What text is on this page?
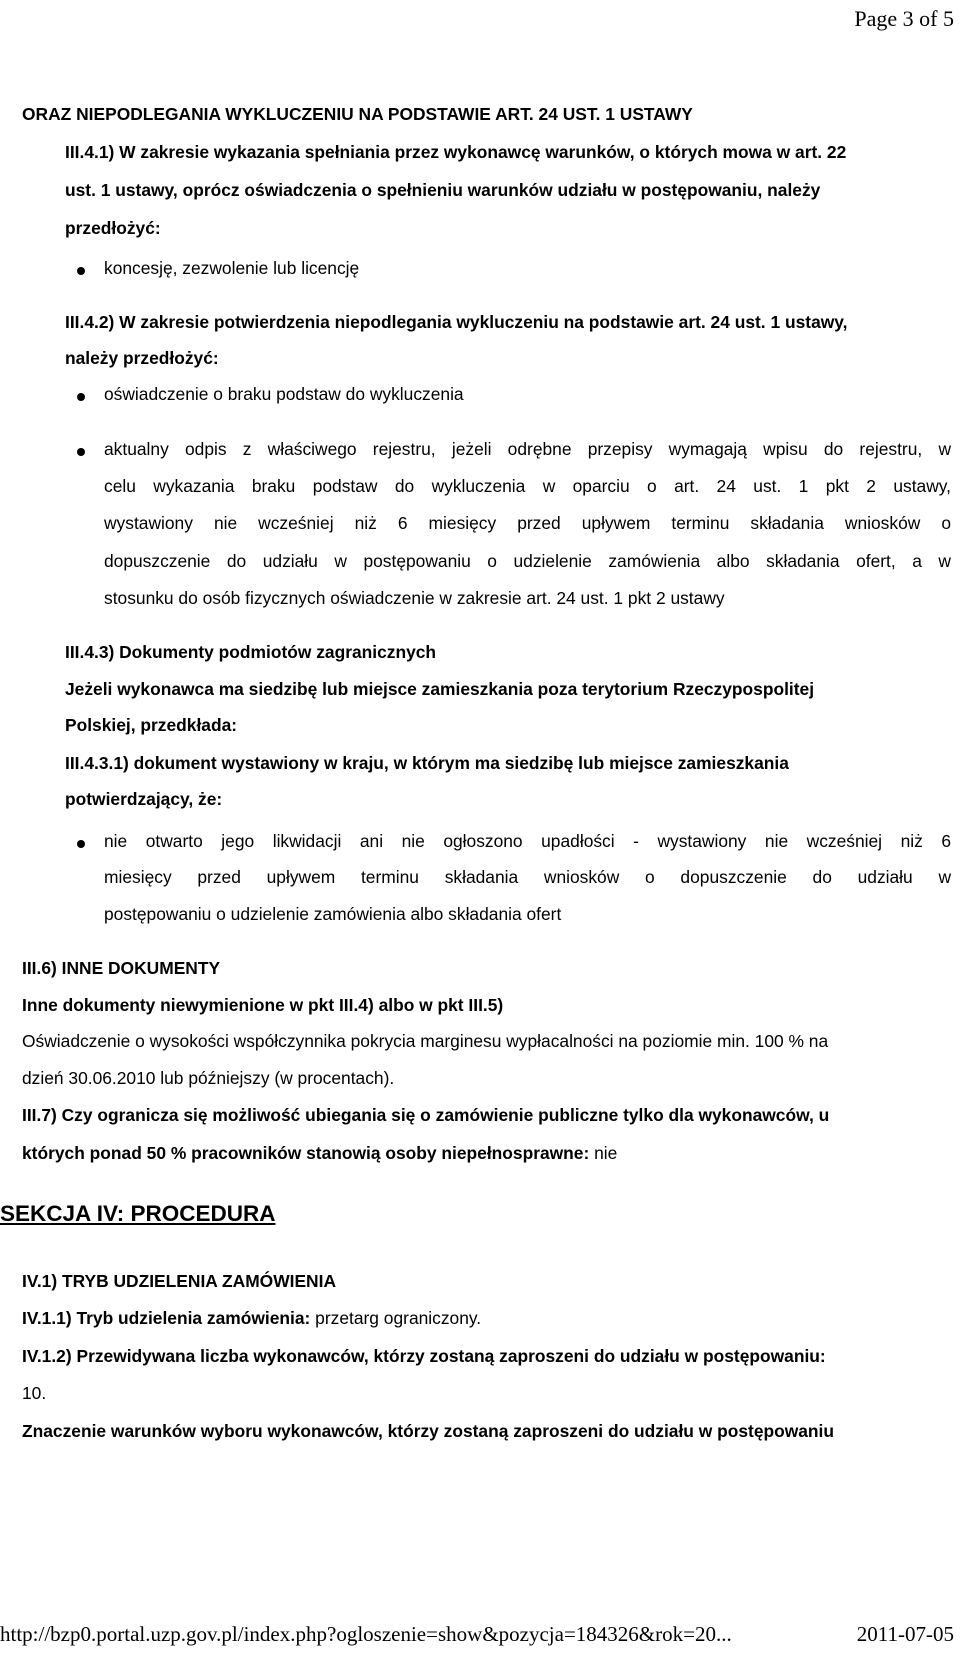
Page 3 of 5
ORAZ NIEPODLEGANIA WYKLUCZENIU NA PODSTAWIE ART. 24 UST. 1 USTAWY
III.4.1) W zakresie wykazania spełniania przez wykonawcę warunków, o których mowa w art. 22
ust. 1 ustawy, oprócz oświadczenia o spełnieniu warunków udziału w postępowaniu, należy
przedłożyć:
koncesję, zezwolenie lub licencję
III.4.2) W zakresie potwierdzenia niepodlegania wykluczeniu na podstawie art. 24 ust. 1 ustawy,
należy przedłożyć:
oświadczenie o braku podstaw do wykluczenia
aktualny odpis z właściwego rejestru, jeżeli odrębne przepisy wymagają wpisu do rejestru, w
celu wykazania braku podstaw do wykluczenia w oparciu o art. 24 ust. 1 pkt 2 ustawy,
wystawiony nie wcześniej niż 6 miesięcy przed upływem terminu składania wniosków o
dopuszczenie do udziału w postępowaniu o udzielenie zamówienia albo składania ofert, a w
stosunku do osób fizycznych oświadczenie w zakresie art. 24 ust. 1 pkt 2 ustawy
III.4.3) Dokumenty podmiotów zagranicznych
Jeżeli wykonawca ma siedzibę lub miejsce zamieszkania poza terytorium Rzeczypospolitej
Polskiej, przedkłada:
III.4.3.1) dokument wystawiony w kraju, w którym ma siedzibę lub miejsce zamieszkania
potwierdzający, że:
nie otwarto jego likwidacji ani nie ogłoszono upadłości - wystawiony nie wcześniej niż 6
miesięcy przed upływem terminu składania wniosków o dopuszczenie do udziału w
postępowaniu o udzielenie zamówienia albo składania ofert
III.6) INNE DOKUMENTY
Inne dokumenty niewymienione w pkt III.4) albo w pkt III.5)
Oświadczenie o wysokości współczynnika pokrycia marginesu wypłacalności na poziomie min. 100 % na
dzień 30.06.2010 lub późniejszy (w procentach).
III.7) Czy ogranicza się możliwość ubiegania się o zamówienie publiczne tylko dla wykonawców, u
których ponad 50 % pracowników stanowią osoby niepełnosprawne: nie
SEKCJA IV: PROCEDURA
IV.1) TRYB UDZIELENIA ZAMÓWIENIA
IV.1.1) Tryb udzielenia zamówienia: przetarg ograniczony.
IV.1.2) Przewidywana liczba wykonawców, którzy zostaną zaproszeni do udziału w postępowaniu:
10.
Znaczenie warunków wyboru wykonawców, którzy zostaną zaproszeni do udziału w postępowaniu
http://bzp0.portal.uzp.gov.pl/index.php?ogloszenie=show&pozycja=184326&rok=20...	2011-07-05
